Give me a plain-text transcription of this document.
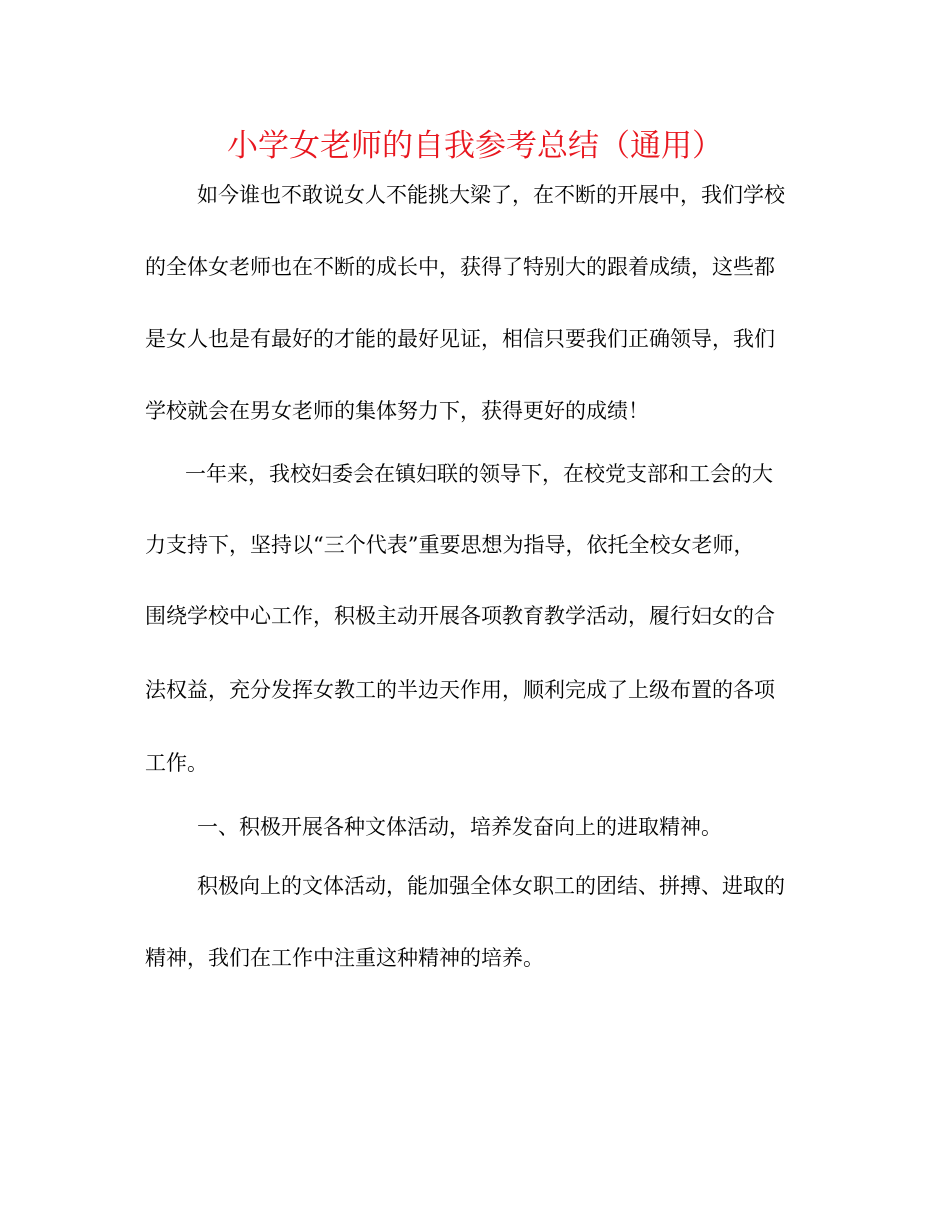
小学女老师的自我参考总结（通用）
如今谁也不敢说女人不能挑大梁了，在不断的开展中，我们学校
的全体女老师也在不断的成长中，获得了特别大的跟着成绩，这些都
是女人也是有最好的才能的最好见证，相信只要我们正确领导，我们
学校就会在男女老师的集体努力下，获得更好的成绩！
一年来，我校妇委会在镇妇联的领导下，在校党支部和工会的大
力支持下，坚持以“三个代表”重要思想为指导，依托全校女老师，
围绕学校中心工作，积极主动开展各项教育教学活动，履行妇女的合
法权益，充分发挥女教工的半边天作用，顺利完成了上级布置的各项
工作。
一、积极开展各种文体活动，培养发奋向上的进取精神。
积极向上的文体活动，能加强全体女职工的团结、拼搏、进取的
精神，我们在工作中注重这种精神的培养。
